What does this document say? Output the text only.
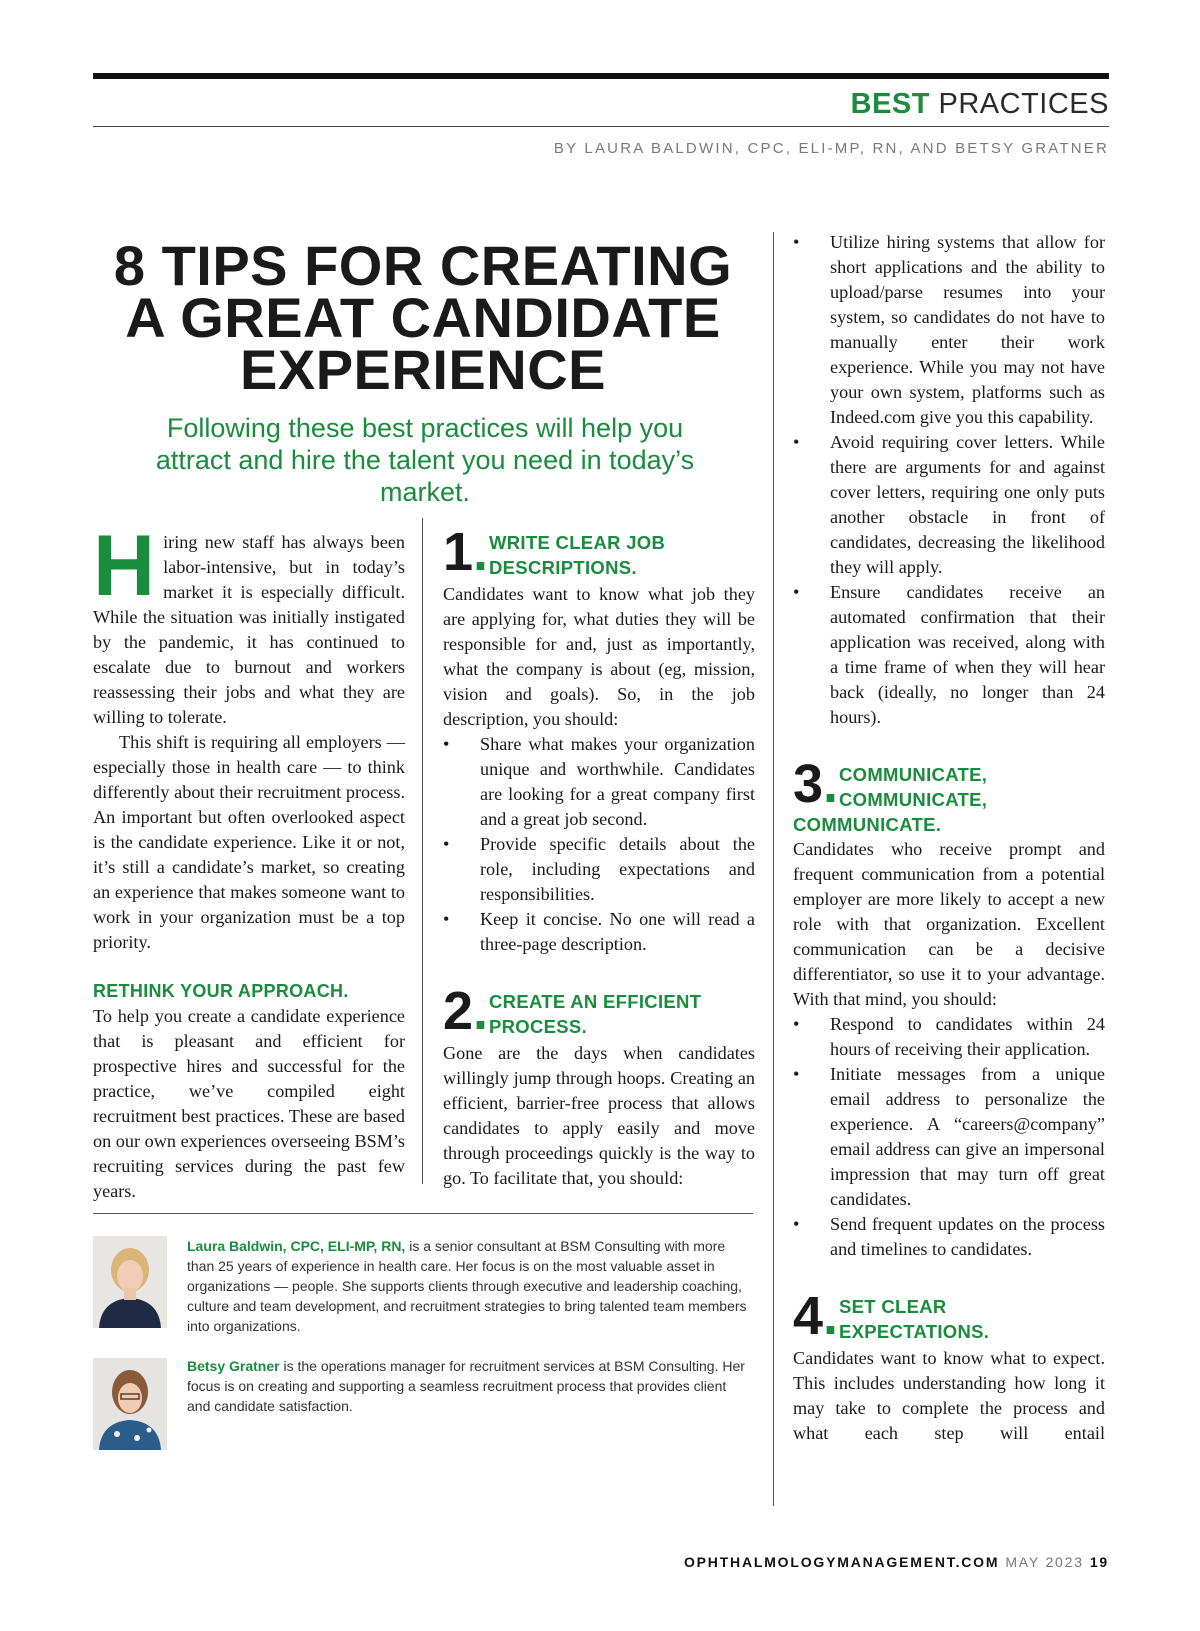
BEST PRACTICES
BY LAURA BALDWIN, CPC, ELI-MP, RN, AND BETSY GRATNER
8 TIPS FOR CREATING
A GREAT CANDIDATE
EXPERIENCE
Following these best practices will help you attract and hire the talent you need in today’s market.
H iring new staff has always been labor-intensive, but in today’s market it is especially difficult. While the situation was initially instigated by the pandemic, it has continued to escalate due to burnout and workers reassessing their jobs and what they are willing to tolerate.

This shift is requiring all employers — especially those in health care — to think differently about their recruitment process. An important but often overlooked aspect is the candidate experience. Like it or not, it’s still a candidate’s market, so creating an experience that makes someone want to work in your organization must be a top priority.

RETHINK YOUR APPROACH.

To help you create a candidate experience that is pleasant and efficient for prospective hires and successful for the practice, we’ve compiled eight recruitment best practices. These are based on our own experiences overseeing BSM’s recruiting services during the past few years.

1. WRITE CLEAR JOB
DESCRIPTIONS.

Candidates want to know what job they are applying for, what duties they will be responsible for and, just as importantly, what the company is about (eg, mission, vision and goals). So, in the job description, you should:

• Share what makes your organization unique and worthwhile. Candidates are looking for a great company first and a great job second.
• Provide specific details about the role, including expectations and responsibilities.
• Keep it concise. No one will read a three-page description.
2. CREATE AN EFFICIENT
PROCESS.

Gone are the days when candidates willingly jump through hoops. Creating an efficient, barrier-free process that allows candidates to apply easily and move through proceedings quickly is the way to go. To facilitate that, you should:

• Utilize hiring systems that allow for short applications and the ability to upload/parse resumes into your system, so candidates do not have to manually enter their work experience. While you may not have your own system, platforms such as Indeed.com give you this capability.
• Avoid requiring cover letters. While there are arguments for and against cover letters, requiring one only puts another obstacle in front of candidates, decreasing the likelihood they will apply.
• Ensure candidates receive an automated confirmation that their application was received, along with a time frame of when they will hear back (ideally, no longer than 24 hours).
3. COMMUNICATE,
COMMUNICATE,
COMMUNICATE.

Candidates who receive prompt and frequent communication from a potential employer are more likely to accept a new role with that organization. Excellent communication can be a decisive differentiator, so use it to your advantage. With that mind, you should:

• Respond to candidates within 24 hours of receiving their application.
• Initiate messages from a unique email address to personalize the experience. A “careers@company” email address can give an impersonal impression that may turn off great candidates.
• Send frequent updates on the process and timelines to candidates.
4. SET CLEAR
EXPECTATIONS.

Candidates want to know what to expect. This includes understanding how long it may take to complete the process and what each step will entail

Laura Baldwin, CPC, ELI-MP, RN, is a senior consultant at BSM Consulting with more than 25 years of experience in health care. Her focus is on the most valuable asset in organizations — people. She supports clients through executive and leadership coaching, culture and team development, and recruitment strategies to bring talented team members into organizations.
Betsy Gratner is the operations manager for recruitment services at BSM Consulting. Her focus is on creating and supporting a seamless recruitment process that provides client and candidate satisfaction.
OPHTHALMOLOGYMANAGEMENT.COM MAY 2023 19
